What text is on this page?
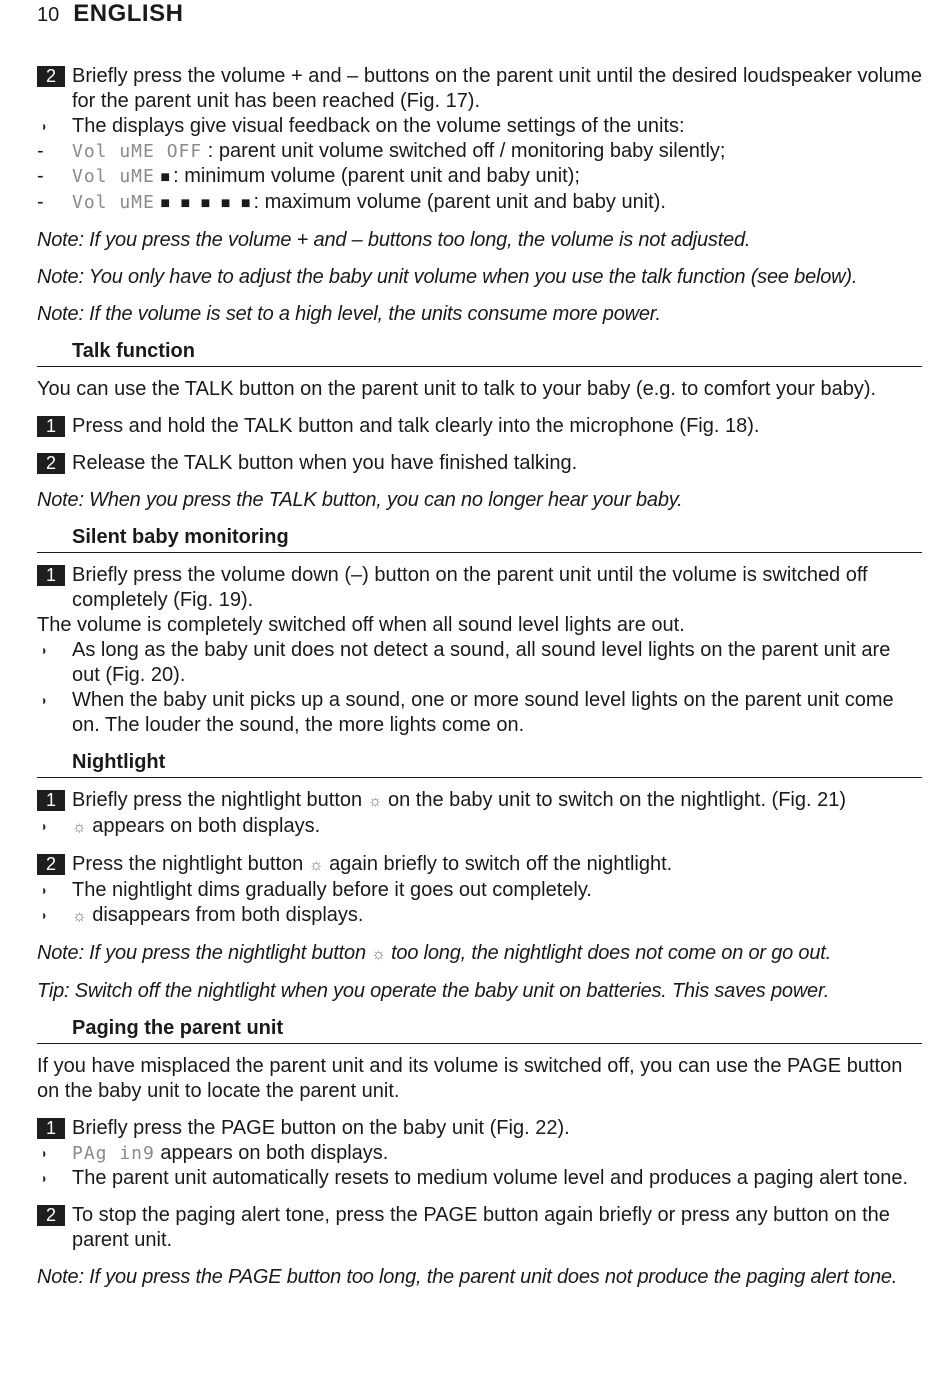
10 ENGLISH
2 Briefly press the volume + and – buttons on the parent unit until the desired loudspeaker volume for the parent unit has been reached (Fig. 17).
◗ The displays give visual feedback on the volume settings of the units:
- Vol uME OFF : parent unit volume switched off / monitoring baby silently;
- Vol uME ■: minimum volume (parent unit and baby unit);
- Vol uME ■ ■ ■ ■ ■: maximum volume (parent unit and baby unit).
Note: If you press the volume + and – buttons too long, the volume is not adjusted.
Note: You only have to adjust the baby unit volume when you use the talk function (see below).
Note: If the volume is set to a high level, the units consume more power.
Talk function
You can use the TALK button on the parent unit to talk to your baby (e.g. to comfort your baby).
1 Press and hold the TALK button and talk clearly into the microphone (Fig. 18).
2 Release the TALK button when you have finished talking.
Note: When you press the TALK button, you can no longer hear your baby.
Silent baby monitoring
1 Briefly press the volume down (–) button on the parent unit until the volume is switched off completely (Fig. 19).
The volume is completely switched off when all sound level lights are out.
◗ As long as the baby unit does not detect a sound, all sound level lights on the parent unit are out (Fig. 20).
◗ When the baby unit picks up a sound, one or more sound level lights on the parent unit come on. The louder the sound, the more lights come on.
Nightlight
1 Briefly press the nightlight button ☼ on the baby unit to switch on the nightlight. (Fig. 21)
◗ ☼ appears on both displays.
2 Press the nightlight button ☼ again briefly to switch off the nightlight.
◗ The nightlight dims gradually before it goes out completely.
◗ ☼ disappears from both displays.
Note: If you press the nightlight button ☼ too long, the nightlight does not come on or go out.
Tip: Switch off the nightlight when you operate the baby unit on batteries. This saves power.
Paging the parent unit
If you have misplaced the parent unit and its volume is switched off, you can use the PAGE button on the baby unit to locate the parent unit.
1 Briefly press the PAGE button on the baby unit (Fig. 22).
◗ PAg in9 appears on both displays.
◗ The parent unit automatically resets to medium volume level and produces a paging alert tone.
2 To stop the paging alert tone, press the PAGE button again briefly or press any button on the parent unit.
Note: If you press the PAGE button too long, the parent unit does not produce the paging alert tone.
